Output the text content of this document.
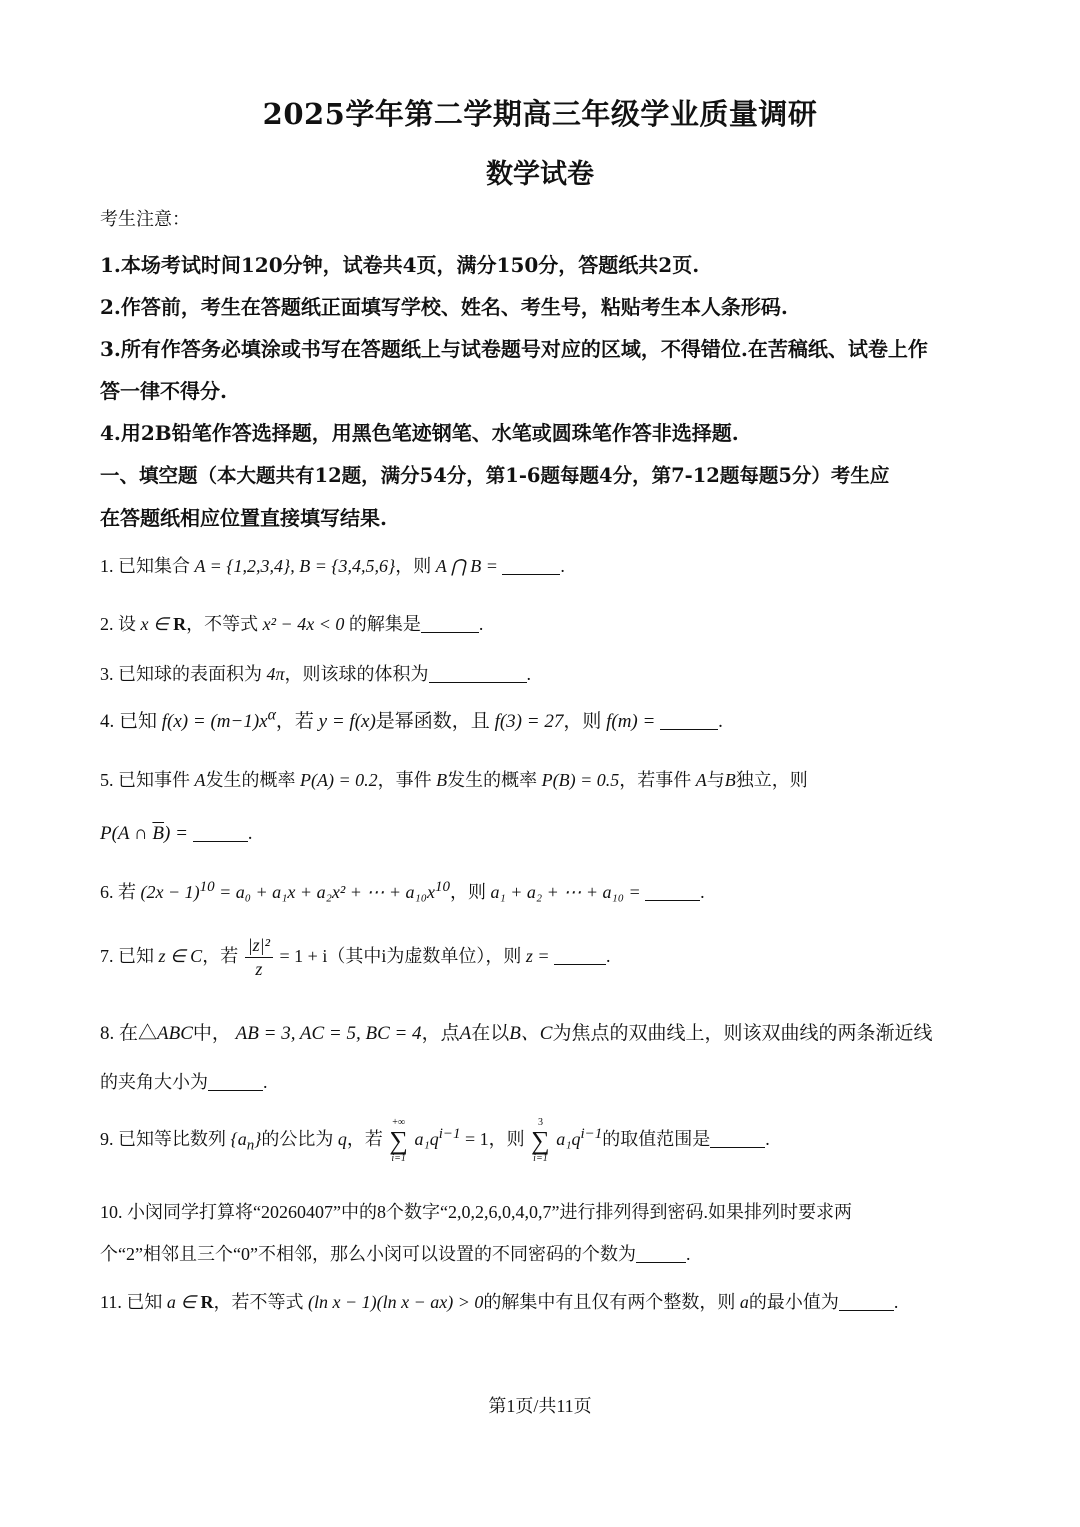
2025学年第二学期高三年级学业质量调研
数学试卷
考生注意：
1.本场考试时间120分钟，试卷共4页，满分150分，答题纸共2页.
2.作答前，考生在答题纸正面填写学校、姓名、考生号，粘贴考生本人条形码.
3.所有作答务必填涂或书写在答题纸上与试卷题号对应的区域，不得错位.在苦稿纸、试卷上作
答一律不得分.
4.用2B铅笔作答选择题，用黑色笔迹钢笔、水笔或圆珠笔作答非选择题.
一、填空题（本大题共有12题，满分54分，第1-6题每题4分，第7-12题每题5分）考生应
在答题纸相应位置直接填写结果.
1. 已知集合 A = {1,2,3,4}, B = {3,4,5,6}，则 A ⋂ B =	.
2. 设 x ∈ R，不等式 x² − 4x < 0 的解集是	.
3. 已知球的表面积为 4π，则该球的体积为	.
4. 已知 $f(x) = (m-1)x^\alpha$，若 y = f(x)是幂函数，且 f(3) = 27，则 f(m) =	.
5. 已知事件 A发生的概率 P(A) = 0.2，事件 B发生的概率 P(B) = 0.5，若事件 A与B独立，则
P(A ∩ $\overline{B}$) =	.
6. 若 $(2x - 1)^{10} = a_0 + a_1x + a_2x^2$ + ⋯ + $a_{10}x^{10}$，则 a₁ + a₂ + ⋯ + a₁₀ =	.
7. 已知 z ∈ C，若 $\frac{\text{|z|²}}{z} = 1 + i$（其中i为虚数单位），则 z =	.
8. 在△ABC中， AB = 3, AC = 5, BC = 4，点A在以B、C为焦点的双曲线上，则该双曲线的两条渐近线
的夹角大小为	.
9. 已知等比数列 $\{a_n\}$的公比为 q，若
+∞
∑
i=1
$a_1q^{i-1} = 1$，则
3
∑
i=1
$a_1q^{i-1}$的取值范围是	.
10. 小闵同学打算将“20260407”中的8个数字“2,0,2,6,0,4,0,7”进行排列得到密码.如果排列时要求两
个“2”相邻且三个“0”不相邻，那么小闵可以设置的不同密码的个数为	.
11. 已知 a ∈ R，若不等式 (ln x − 1)(ln x − ax) > 0的解集中有且仅有两个整数，则 a的最小值为	.
第1页/共11页
